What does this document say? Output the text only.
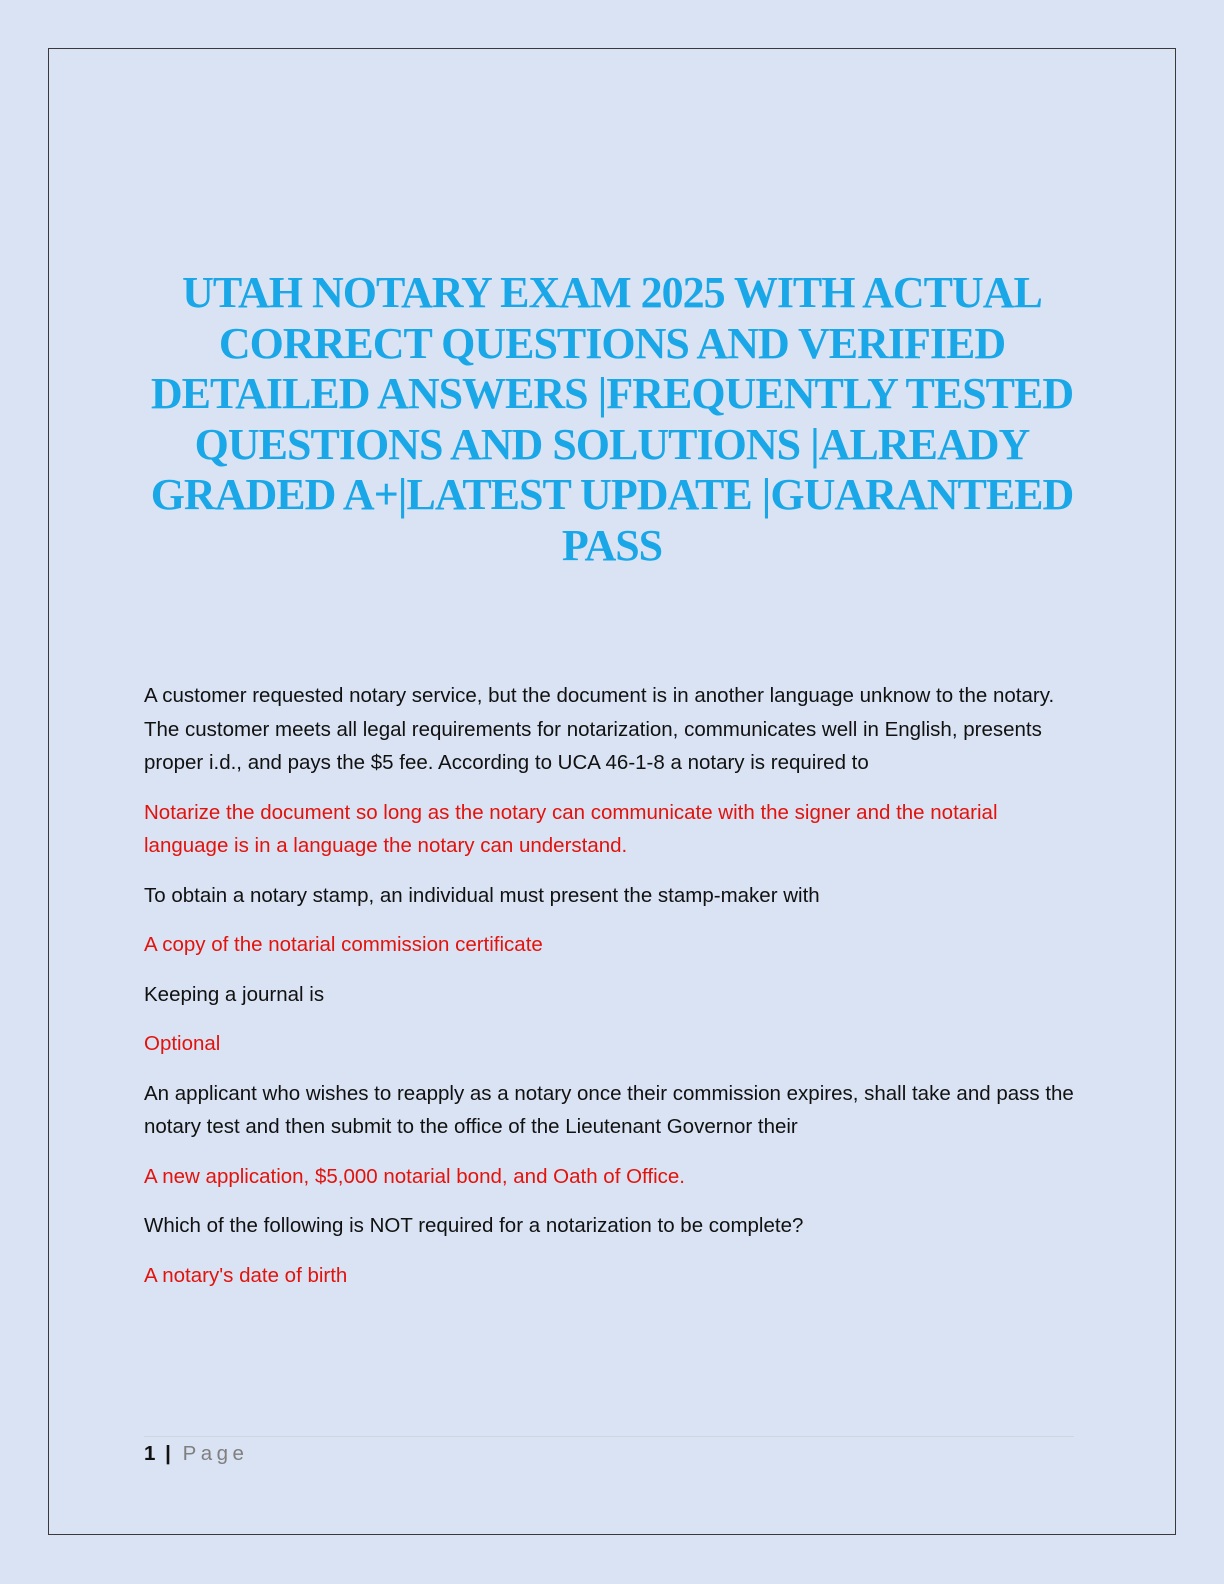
UTAH NOTARY EXAM 2025 WITH ACTUAL CORRECT QUESTIONS AND VERIFIED DETAILED ANSWERS |FREQUENTLY TESTED QUESTIONS AND SOLUTIONS |ALREADY GRADED A+|LATEST UPDATE |GUARANTEED PASS

A customer requested notary service, but the document is in another language unknow to the notary. The customer meets all legal requirements for notarization, communicates well in English, presents proper i.d., and pays the $5 fee. According to UCA 46-1-8 a notary is required to

Notarize the document so long as the notary can communicate with the signer and the notarial language is in a language the notary can understand.

To obtain a notary stamp, an individual must present the stamp-maker with

A copy of the notarial commission certificate

Keeping a journal is

Optional

An applicant who wishes to reapply as a notary once their commission expires, shall take and pass the notary test and then submit to the office of the Lieutenant Governor their

A new application, $5,000 notarial bond, and Oath of Office.

Which of the following is NOT required for a notarization to be complete?

A notary's date of birth

1 | Page
